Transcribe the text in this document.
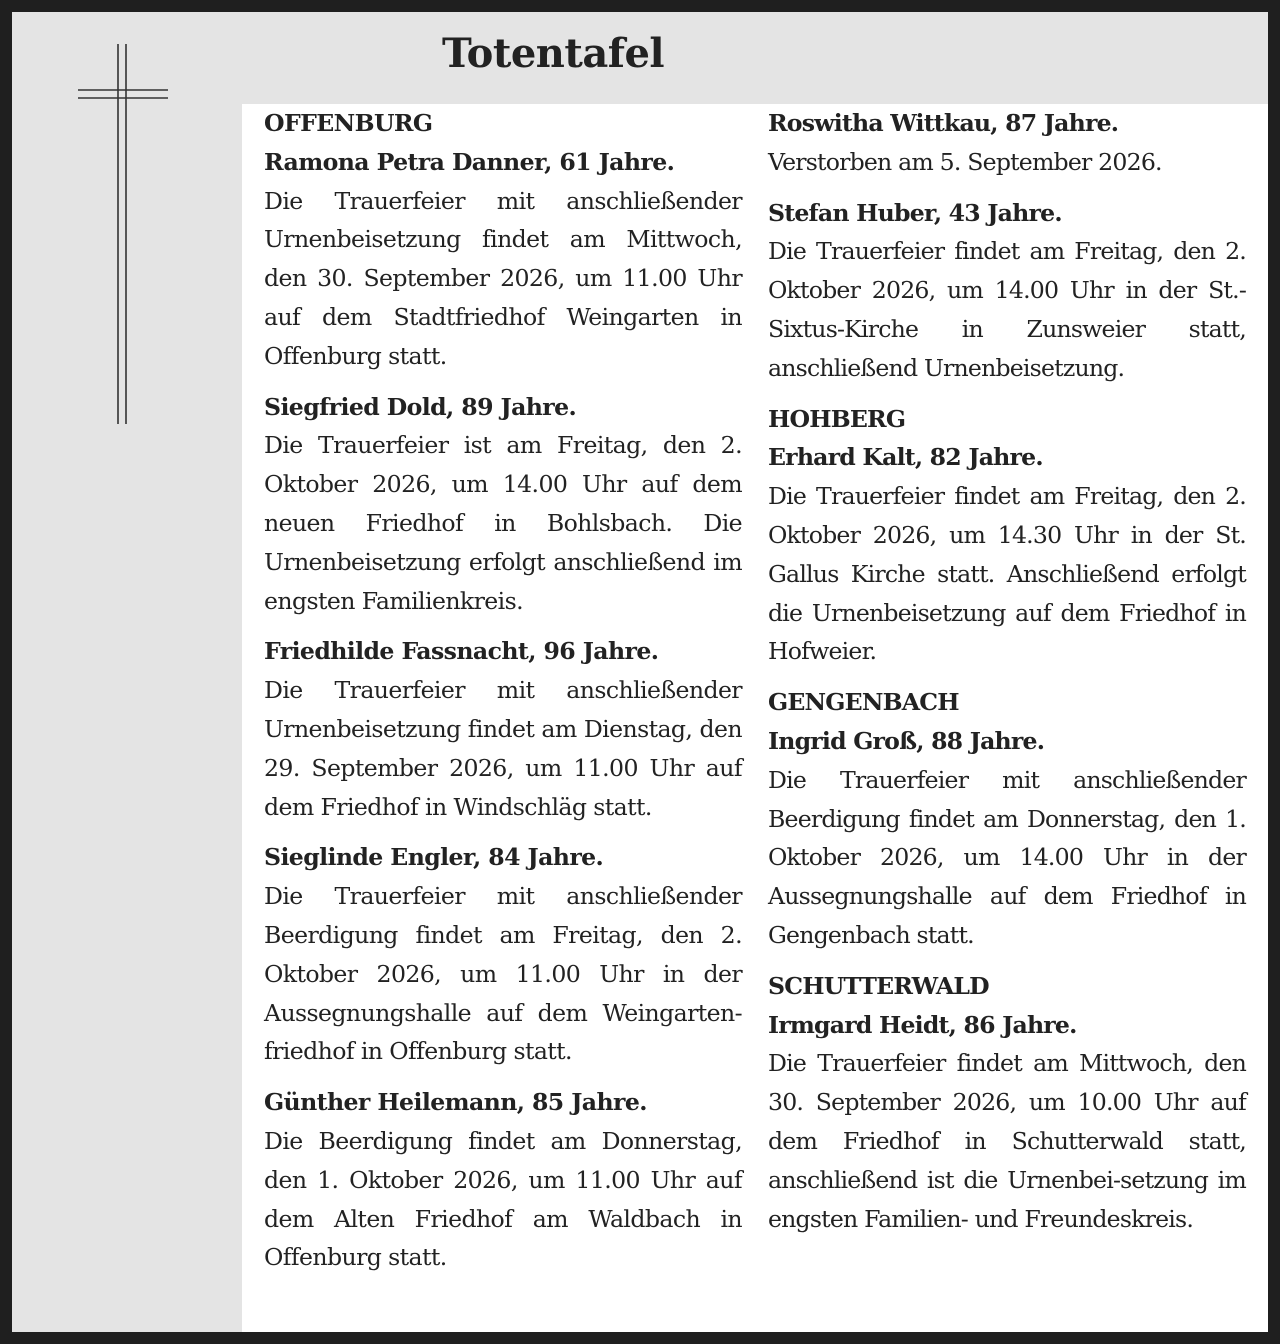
Totentafel
OFFENBURG
Ramona Petra Danner, 61 Jahre.
Die Trauerfeier mit anschließender Urnenbeisetzung findet am Mittwoch, den 30. September 2026, um 11.00 Uhr auf dem Stadtfriedhof Weingarten in Offenburg statt.
Siegfried Dold, 89 Jahre.
Die Trauerfeier ist am Freitag, den 2. Oktober 2026, um 14.00 Uhr auf dem neuen Friedhof in Bohlsbach. Die Urnenbeisetzung erfolgt anschließend im engsten Familienkreis.
Friedhilde Fassnacht, 96 Jahre.
Die Trauerfeier mit anschließender Urnenbeisetzung findet am Dienstag, den 29. September 2026, um 11.00 Uhr auf dem Friedhof in Windschläg statt.
Sieglinde Engler, 84 Jahre.
Die Trauerfeier mit anschließender Beerdigung findet am Freitag, den 2. Oktober 2026, um 11.00 Uhr in der Aussegnungshalle auf dem Weingarten-friedhof in Offenburg statt.
Günther Heilemann, 85 Jahre.
Die Beerdigung findet am Donnerstag, den 1. Oktober 2026, um 11.00 Uhr auf dem Alten Friedhof am Waldbach in Offenburg statt.
Roswitha Wittkau, 87 Jahre.
Verstorben am 5. September 2026.
Stefan Huber, 43 Jahre.
Die Trauerfeier findet am Freitag, den 2. Oktober 2026, um 14.00 Uhr in der St.-Sixtus-Kirche in Zunsweier statt, anschließend Urnenbeisetzung.
HOHBERG
Erhard Kalt, 82 Jahre.
Die Trauerfeier findet am Freitag, den 2. Oktober 2026, um 14.30 Uhr in der St. Gallus Kirche statt. Anschließend erfolgt die Urnenbeisetzung auf dem Friedhof in Hofweier.
GENGENBACH
Ingrid Groß, 88 Jahre.
Die Trauerfeier mit anschließender Beerdigung findet am Donnerstag, den 1. Oktober 2026, um 14.00 Uhr in der Aussegnungshalle auf dem Friedhof in Gengenbach statt.
SCHUTTERWALD
Irmgard Heidt, 86 Jahre.
Die Trauerfeier findet am Mittwoch, den 30. September 2026, um 10.00 Uhr auf dem Friedhof in Schutterwald statt, anschließend ist die Urnenbei-setzung im engsten Familien- und Freundeskreis.
